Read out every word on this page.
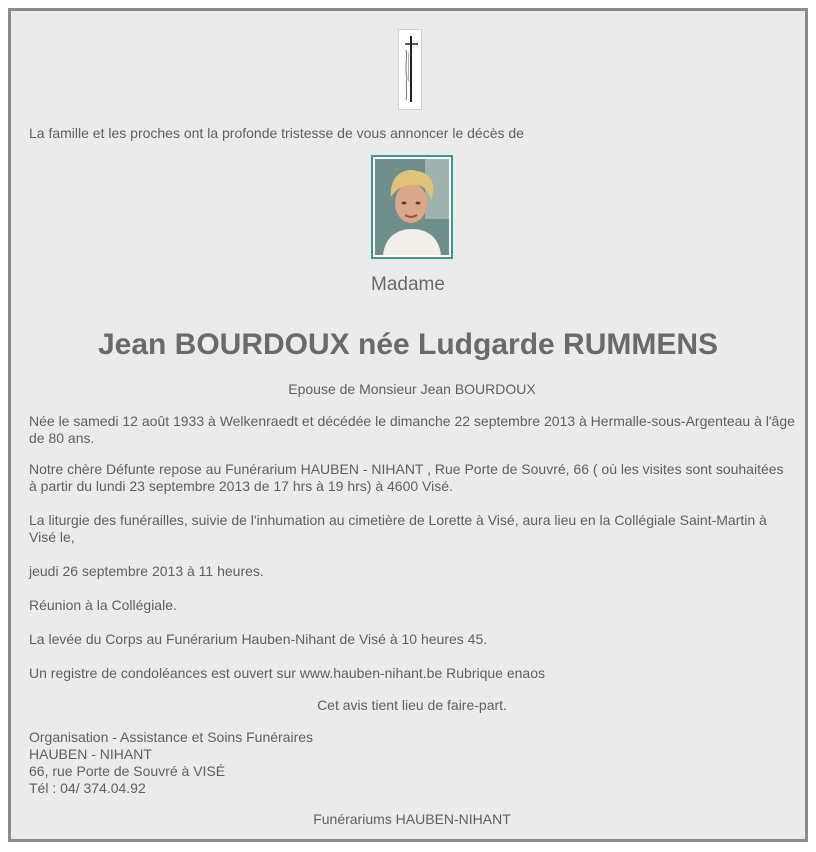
La famille et les proches ont la profonde tristesse de vous annoncer le décès de

Madame
Jean BOURDOUX née Ludgarde RUMMENS

Epouse de Monsieur Jean BOURDOUX

Née le samedi 12 août 1933 à Welkenraedt et décédée le dimanche 22 septembre 2013 à Hermalle-sous-Argenteau à l'âge de 80 ans.

Notre chère Défunte repose au Funérarium HAUBEN - NIHANT , Rue Porte de Souvré, 66 ( où les visites sont souhaitées à partir du lundi 23 septembre 2013 de 17 hrs à 19 hrs) à 4600 Visé.

La liturgie des funérailles, suivie de l'inhumation au cimetière de Lorette à Visé, aura lieu en la Collégiale Saint-Martin à Visé le,

jeudi 26 septembre 2013 à 11 heures.

Réunion à la Collégiale.

La levée du Corps au Funérarium Hauben-Nihant de Visé à 10 heures 45.

Un registre de condoléances est ouvert sur www.hauben-nihant.be Rubrique enaos

Cet avis tient lieu de faire-part.

Organisation - Assistance et Soins Funéraires
HAUBEN - NIHANT
66, rue Porte de Souvré à VISÉ
Tél : 04/ 374.04.92

Funérariums HAUBEN-NIHANT
